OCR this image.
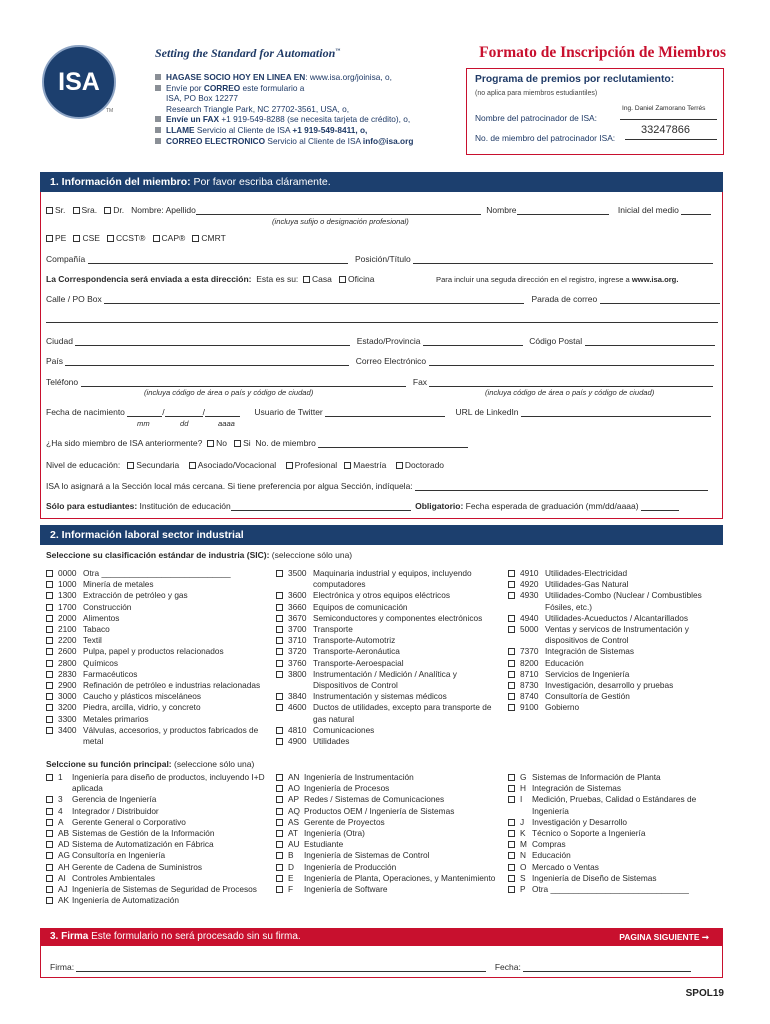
ISA
TM
Setting the Standard for Automation™
HAGASE SOCIO HOY EN LINEA EN: www.isa.org/joinisa, o,
Envíe por CORREO este formulario a
ISA, PO Box 12277
Research Triangle Park, NC 27702-3561, USA, o,
Envíe un FAX +1 919-549-8288 (se necesita tarjeta de crédito), o,
LLAME Servicio al Cliente de ISA +1 919-549-8411, o,
CORREO ELECTRONICO Servicio al Cliente de ISA info@isa.org
Formato de Inscripción de Miembros
Programa de premios por reclutamiento:
(no aplica para miembros estudiantiles)
Nombre del patrocinador de ISA:
Ing. Daniel Zamorano Terrés
No. de miembro del patrocinador ISA:
33247866
1. Información del miembro: Por favor escriba cláramente.
Sr. Sra. Dr. Nombre: Apellido	Nombre	Inicial del medio
(incluya sufijo o designación profesional)
PE CSE CCST® CAP® CMRT
Compañía	Posición/Título
La Correspondencia será enviada a esta dirección: Esta es su: Casa Oficina	Para incluir una seguda dirección en el registro, ingrese a www.isa.org.
Calle / PO Box	Parada de correo
Ciudad	Estado/Provincia	Código Postal
País	Correo Electrónico
Teléfono	Fax
(incluya código de área o país y código de ciudad)	(incluya código de área o país y código de ciudad)
Fecha de nacimiento	/	/	Usuario de Twitter	URL de LinkedIn
mm	dd	aaaa
¿Ha sido miembro de ISA anteriormente? No Si No. de miembro
Nivel de educación: Secundaria Asociado/Vocacional Profesional Maestría Doctorado
ISA lo asignará a la Sección local más cercana. Si tiene preferencia por algua Sección, indíquela:
Sólo para estudiantes: Institución de educación	Obligatorio: Fecha esperada de graduación (mm/dd/aaaa)
2. Información laboral sector industrial
Seleccione su clasificación estándar de industria (SIC): (seleccione sólo una)
0000 Otra ____________________________
1000 Minería de metales
1300 Extracción de petróleo y gas
1700 Construcción
2000 Alimentos
2100 Tabaco
2200 Textil
2600 Pulpa, papel y productos relacionados
2800 Químicos
2830 Farmacéuticos
2900 Refinación de petróleo e industrias relacionadas
3000 Caucho y plásticos misceláneos
3200 Piedra, arcilla, vidrio, y concreto
3300 Metales primarios
3400 Válvulas, accesorios, y productos fabricados de metal
3500 Maquinaria industrial y equipos, incluyendo computadores
3600 Electrónica y otros equipos eléctricos
3660 Equipos de comunicación
3670 Semiconductores y componentes electrónicos
3700 Transporte
3710 Transporte-Automotriz
3720 Transporte-Aeronáutica
3760 Transporte-Aeroespacial
3800 Instrumentación / Medición / Analítica y Dispositivos de Control
3840 Instrumentación y sistemas médicos
4600 Ductos de utilidades, excepto para transporte de gas natural
4810 Comunicaciones
4900 Utilidades
4910 Utilidades-Electricidad
4920 Utilidades-Gas Natural
4930 Utilidades-Combo (Nuclear / Combustibles Fósiles, etc.)
4940 Utilidades-Acueductos / Alcantarillados
5000 Ventas y servicos de Instrumentación y dispositivos de Control
7370 Integración de Sistemas
8200 Educación
8710 Servicios de Ingeniería
8730 Investigación, desarrollo y pruebas
8740 Consultoría de Gestión
9100 Gobierno
Selccione su función principal: (seleccione sólo una)
1	Ingeniería para diseño de productos, incluyendo I+D aplicada
3	Gerencia de Ingeniería
4	Integrador / Distribuidor
A	Gerente General o Corporativo
AB Sistemas de Gestión de la Información
AD Sistema de Automatización en Fábrica
AG Consultoría en Ingeniería
AH Gerente de Cadena de Suministros
AI Controles Ambientales
AJ Ingeniería de Sistemas de Seguridad de Procesos
AK Ingeniería de Automatización
AN Ingeniería de Instrumentación
AO Ingeniería de Procesos
AP Redes / Sistemas de Comunicaciones
AQ Productos OEM / Ingeniería de Sistemas
AS Gerente de Proyectos
AT Ingeniería (Otra)
AU Estudiante
B	Ingeniería de Sistemas de Control
D	Ingeniería de Producción
E	Ingeniería de Planta, Operaciones, y Mantenimiento
F	Ingeniería de Software
G Sistemas de Información de Planta
H Integración de Sistemas
I	Medición, Pruebas, Calidad o Estándares de Ingeniería
J Investigación y Desarrollo
K Técnico o Soporte a Ingeniería
M Compras
N Educación
O Mercado o Ventas
S Ingeniería de Diseño de Sistemas
P Otra ______________________________
3. Firma Este formulario no será procesado sin su firma.	PAGINA SIGUIENTE ➞
Firma:	Fecha:
SPOL19
